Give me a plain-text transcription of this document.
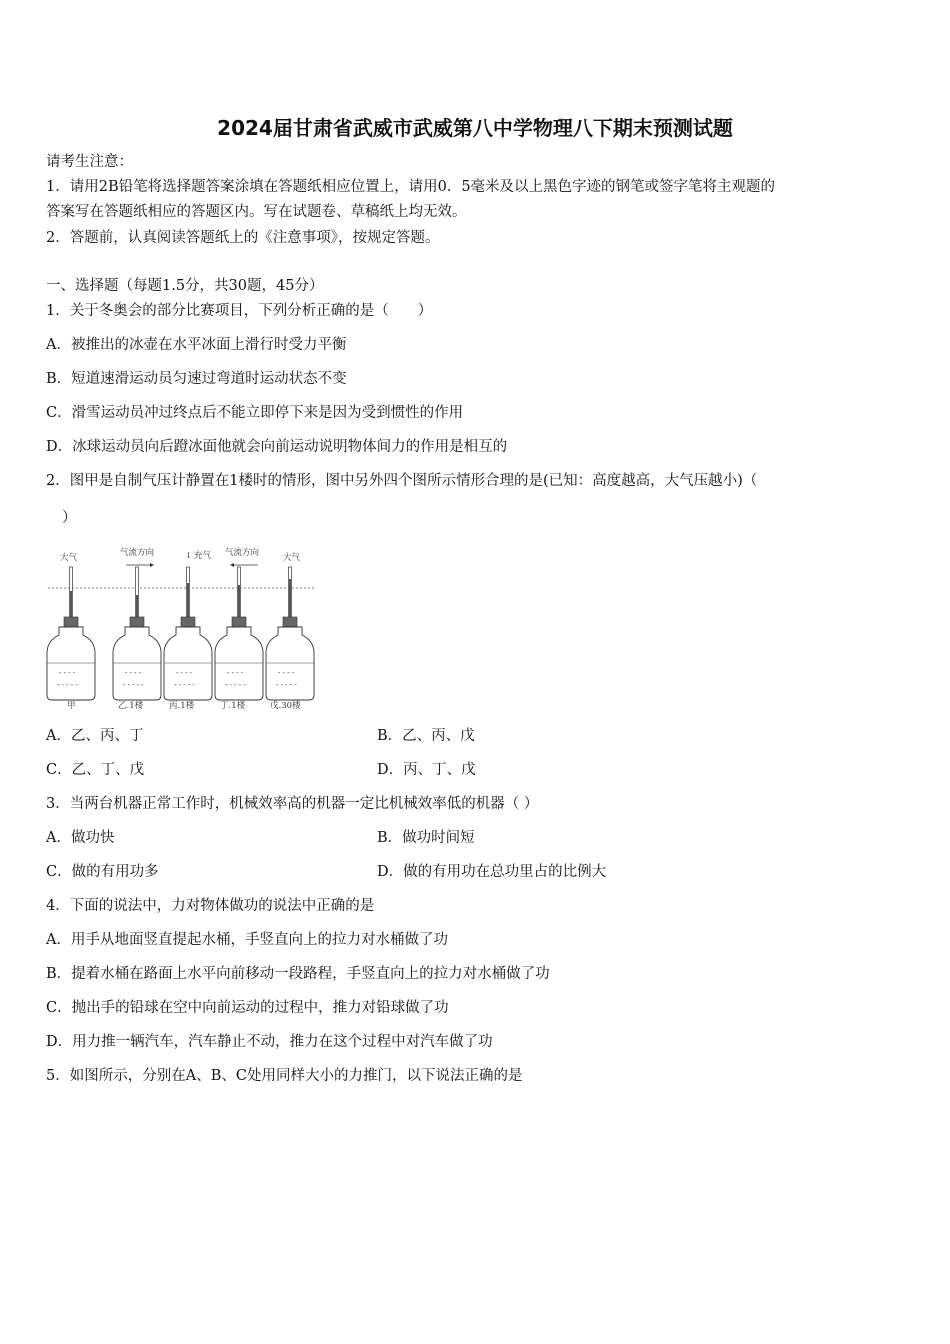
2024届甘肃省武威市武威第八中学物理八下期末预测试题
请考生注意：
1．请用2B铅笔将选择题答案涂填在答题纸相应位置上，请用0．5毫米及以上黑色字迹的钢笔或签字笔将主观题的
答案写在答题纸相应的答题区内。写在试题卷、草稿纸上均无效。
2．答题前，认真阅读答题纸上的《注意事项》，按规定答题。
一、选择题（每题1.5分，共30题，45分）
1．关于冬奥会的部分比赛项目，下列分析正确的是（　　）
A．被推出的冰壶在水平冰面上滑行时受力平衡
B．短道速滑运动员匀速过弯道时运动状态不变
C．滑雪运动员冲过终点后不能立即停下来是因为受到惯性的作用
D．冰球运动员向后蹬冰面他就会向前运动说明物体间力的作用是相互的
2．图甲是自制气压计静置在1楼时的情形，图中另外四个图所示情形合理的是(已知：高度越高，大气压越小)（
）
大气	气流方向	↓ 充气 气流方向	大气
- - - -
- - - - -
- - - -
- - - - -
- - - -
- - - - -
- - - -
- - - - -
- - - -
- - - - -
甲	乙.1楼	丙.1楼	丁.1楼	戊.30楼
A．乙、丙、丁	B．乙、丙、戊
C．乙、丁、戊	D．丙、丁、戊
3．当两台机器正常工作时，机械效率高的机器一定比机械效率低的机器（ ）
A．做功快	B．做功时间短
C．做的有用功多	D．做的有用功在总功里占的比例大
4．下面的说法中，力对物体做功的说法中正确的是
A．用手从地面竖直提起水桶，手竖直向上的拉力对水桶做了功
B．提着水桶在路面上水平向前移动一段路程，手竖直向上的拉力对水桶做了功
C．抛出手的铅球在空中向前运动的过程中，推力对铅球做了功
D．用力推一辆汽车，汽车静止不动，推力在这个过程中对汽车做了功
5．如图所示，分别在A、B、C处用同样大小的力推门，以下说法正确的是
